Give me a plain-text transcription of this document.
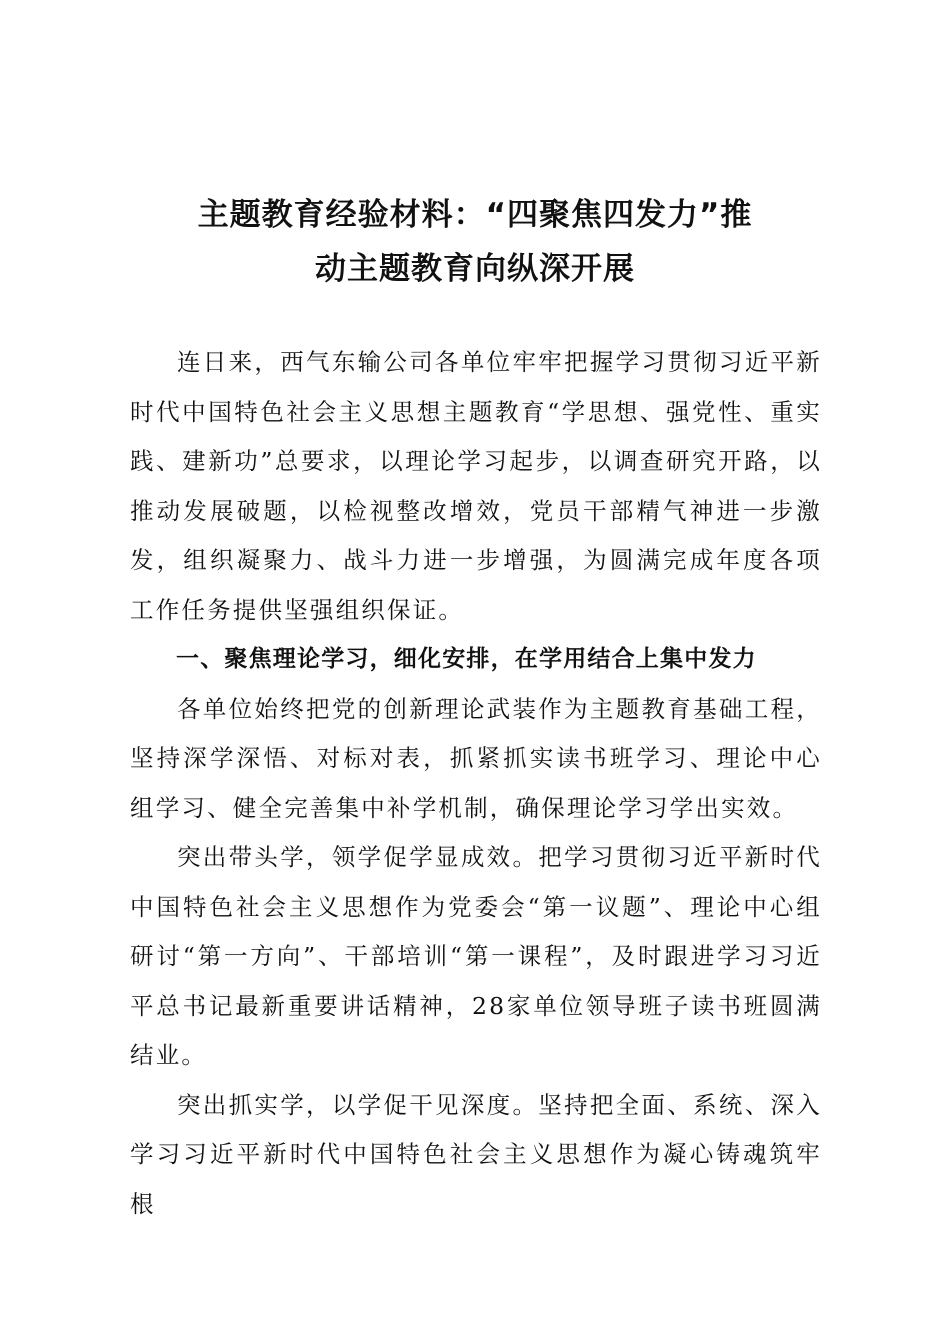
主题教育经验材料：“四聚焦四发力”推
动主题教育向纵深开展

连日来，西气东输公司各单位牢牢把握学习贯彻习近平新时代中国特色社会主义思想主题教育“学思想、强党性、重实践、建新功”总要求，以理论学习起步，以调查研究开路，以推动发展破题，以检视整改增效，党员干部精气神进一步激发，组织凝聚力、战斗力进一步增强，为圆满完成年度各项工作任务提供坚强组织保证。

一、聚焦理论学习，细化安排，在学用结合上集中发力

各单位始终把党的创新理论武装作为主题教育基础工程，坚持深学深悟、对标对表，抓紧抓实读书班学习、理论中心组学习、健全完善集中补学机制，确保理论学习学出实效。

突出带头学，领学促学显成效。把学习贯彻习近平新时代中国特色社会主义思想作为党委会“第一议题”、理论中心组研讨“第一方向”、干部培训“第一课程”，及时跟进学习习近平总书记最新重要讲话精神，28家单位领导班子读书班圆满结业。

突出抓实学，以学促干见深度。坚持把全面、系统、深入学习习近平新时代中国特色社会主义思想作为凝心铸魂筑牢根
